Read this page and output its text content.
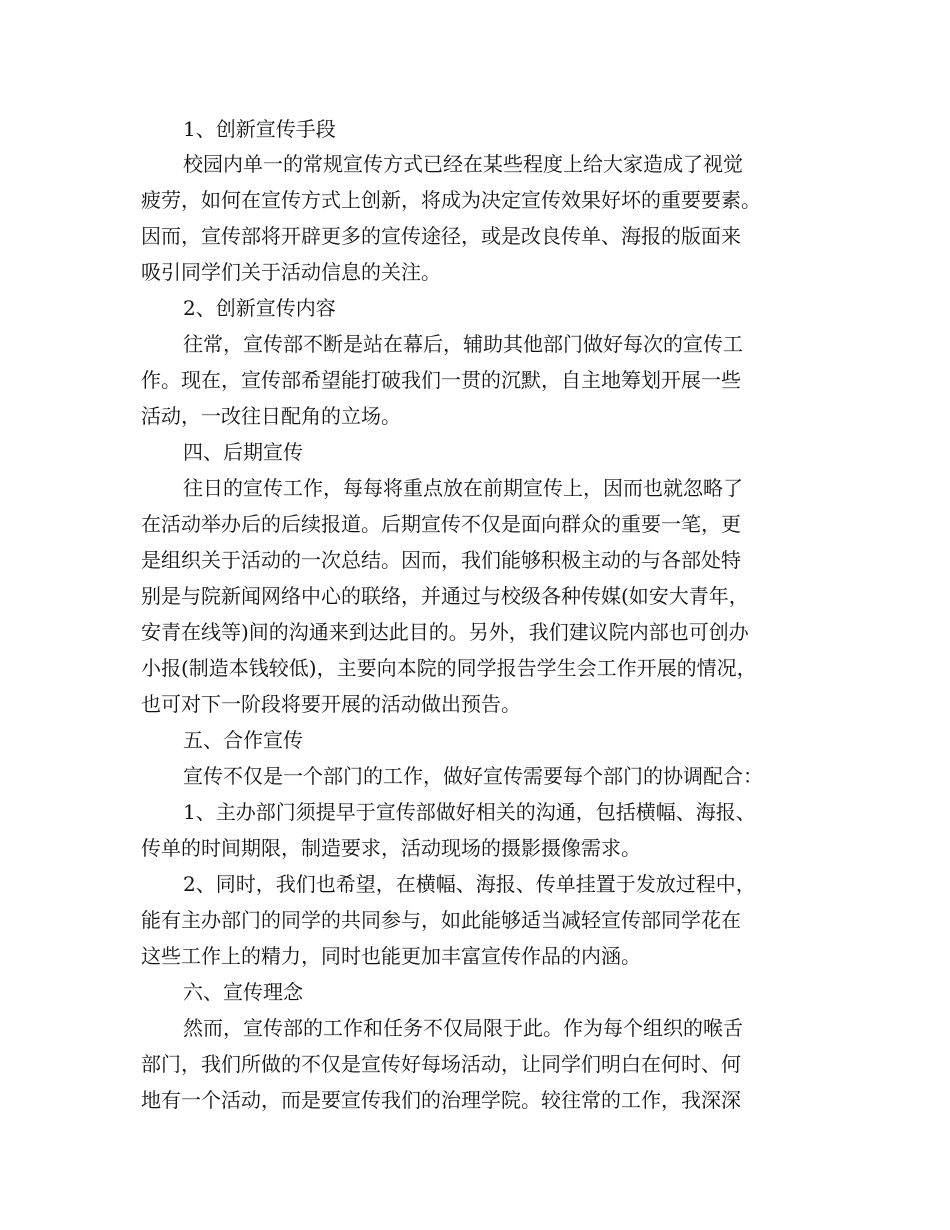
1、创新宣传手段
校园内单一的常规宣传方式已经在某些程度上给大家造成了视觉
疲劳，如何在宣传方式上创新，将成为决定宣传效果好坏的重要要素。
因而，宣传部将开辟更多的宣传途径，或是改良传单、海报的版面来
吸引同学们关于活动信息的关注。
2、创新宣传内容
往常，宣传部不断是站在幕后，辅助其他部门做好每次的宣传工
作。现在，宣传部希望能打破我们一贯的沉默，自主地筹划开展一些
活动，一改往日配角的立场。
四、后期宣传
往日的宣传工作，每每将重点放在前期宣传上，因而也就忽略了
在活动举办后的后续报道。后期宣传不仅是面向群众的重要一笔，更
是组织关于活动的一次总结。因而，我们能够积极主动的与各部处特
别是与院新闻网络中心的联络，并通过与校级各种传媒(如安大青年，
安青在线等)间的沟通来到达此目的。另外，我们建议院内部也可创办
小报(制造本钱较低)，主要向本院的同学报告学生会工作开展的情况，
也可对下一阶段将要开展的活动做出预告。
五、合作宣传
宣传不仅是一个部门的工作，做好宣传需要每个部门的协调配合：
1、主办部门须提早于宣传部做好相关的沟通，包括横幅、海报、
传单的时间期限，制造要求，活动现场的摄影摄像需求。
2、同时，我们也希望，在横幅、海报、传单挂置于发放过程中，
能有主办部门的同学的共同参与，如此能够适当减轻宣传部同学花在
这些工作上的精力，同时也能更加丰富宣传作品的内涵。
六、宣传理念
然而，宣传部的工作和任务不仅局限于此。作为每个组织的喉舌
部门，我们所做的不仅是宣传好每场活动，让同学们明白在何时、何
地有一个活动，而是要宣传我们的治理学院。较往常的工作，我深深
